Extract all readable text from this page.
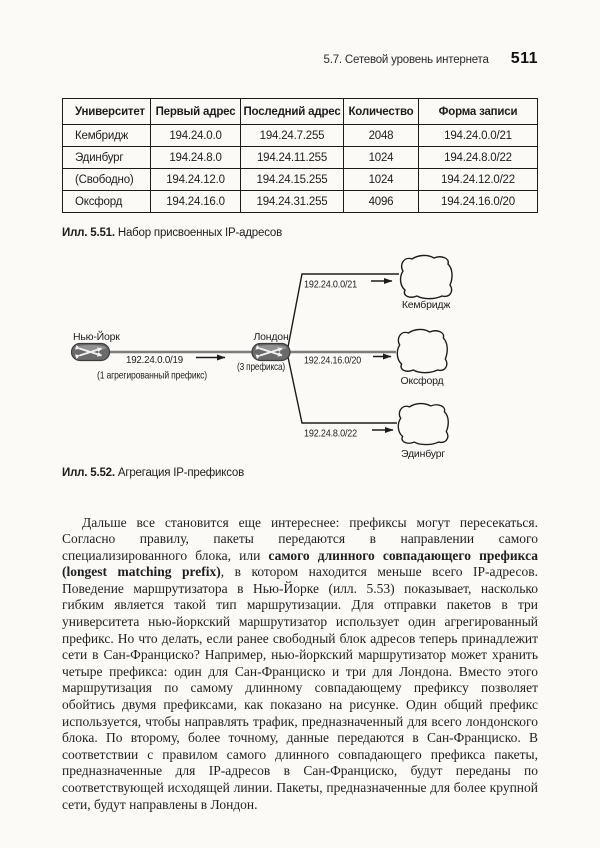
5.7. Сетевой уровень интернета 511
Университет	Первый адрес	Последний адрес	Количество	Форма записи
Кембридж	194.24.0.0	194.24.7.255	2048	194.24.0.0/21
Эдинбург	194.24.8.0	194.24.11.255	1024	194.24.8.0/22
(Свободно)	194.24.12.0	194.24.15.255	1024	194.24.12.0/22
Оксфорд	194.24.16.0	194.24.31.255	4096	194.24.16.0/20
Илл. 5.51. Набор присвоенных IP-адресов
Нью-Йорк	Лондон
192.24.0.0/19
(1 агрегированный префикс)
(3 префикса)
192.24.0.0/21
Кембридж
192.24.16.0/20
Оксфорд
192.24.8.0/22
Эдинбург
Илл. 5.52. Агрегация IP-префиксов

Дальше все становится еще интереснее: префиксы могут пересекаться. Согласно правилу, пакеты передаются в направлении самого специализированного блока, или самого длинного совпадающего префикса (longest matching prefix), в котором находится меньше всего IP-адресов. Поведение маршрутизатора в Нью-Йорке (илл. 5.53) показывает, насколько гибким является такой тип маршрутизации. Для отправки пакетов в три университета нью-йоркский маршрутизатор использует один агрегированный префикс. Но что делать, если ранее свободный блок адресов теперь принадлежит сети в Сан-Франциско? Например, нью-йоркский маршрутизатор может хранить четыре префикса: один для Сан-Франциско и три для Лондона. Вместо этого маршрутизация по самому длинному совпадающему префиксу позволяет обойтись двумя префиксами, как показано на рисунке. Один общий префикс используется, чтобы направлять трафик, предназначенный для всего лондонского блока. По второму, более точному, данные передаются в Сан-Франциско. В соответствии с правилом самого длинного совпадающего префикса пакеты, предназначенные для IP-адресов в Сан-Франциско, будут переданы по соответствующей исходящей линии. Пакеты, предназначенные для более крупной сети, будут направлены в Лондон.
